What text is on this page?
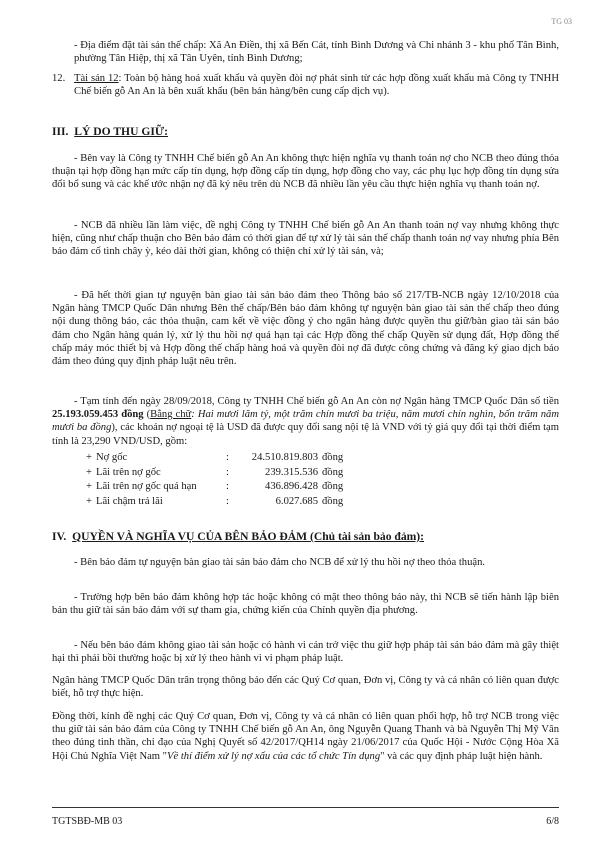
TG 03

- Địa điểm đặt tài sản thế chấp: Xã An Điền, thị xã Bến Cát, tỉnh Bình Dương và Chi nhánh 3 - khu phố Tân Bình, phường Tân Hiệp, thị xã Tân Uyên, tỉnh Bình Dương;

12. Tài sản 12: Toàn bộ hàng hoá xuất khẩu và quyền đòi nợ phát sinh từ các hợp đồng xuất khẩu mà Công ty TNHH Chế biến gỗ An An là bên xuất khẩu (bên bán hàng/bên cung cấp dịch vụ).
III. LÝ DO THU GIỮ:

- Bên vay là Công ty TNHH Chế biến gỗ An An không thực hiện nghĩa vụ thanh toán nợ cho NCB theo đúng thỏa thuận tại hợp đồng hạn mức cấp tín dụng, hợp đồng cấp tín dụng, hợp đồng cho vay, các phụ lục hợp đồng tín dụng sửa đổi bổ sung và các khế ước nhận nợ đã ký nêu trên dù NCB đã nhiều lần yêu cầu thực hiện nghĩa vụ thanh toán nợ.

- NCB đã nhiều lần làm việc, đề nghị Công ty TNHH Chế biến gỗ An An thanh toán nợ vay nhưng không thực hiện, cũng như chấp thuận cho Bên bảo đảm có thời gian để tự xử lý tài sản thế chấp thanh toán nợ vay nhưng phía Bên bảo đảm cố tình chây ỳ, kéo dài thời gian, không có thiện chí xử lý tài sản, và;

- Đã hết thời gian tự nguyện bàn giao tài sản bảo đảm theo Thông báo số 217/TB-NCB ngày 12/10/2018 của Ngân hàng TMCP Quốc Dân nhưng Bên thế chấp/Bên bảo đảm không tự nguyện bàn giao tài sản thế chấp theo đúng nội dung thông báo, các thỏa thuận, cam kết về việc đồng ý cho ngân hàng được quyền thu giữ/bàn giao tài sản bảo đảm cho Ngân hàng quản lý, xử lý thu hồi nợ quá hạn tại các Hợp đồng thế chấp Quyền sử dụng đất, Hợp đồng thế chấp máy móc thiết bị và Hợp đồng thế chấp hàng hoá và quyền đòi nợ đã được công chứng và đăng ký giao dịch bảo đảm theo đúng quy định pháp luật nêu trên.

- Tạm tính đến ngày 28/09/2018, Công ty TNHH Chế biến gỗ An An còn nợ Ngân hàng TMCP Quốc Dân số tiền 25.193.059.453 đồng (Bằng chữ: Hai mươi lăm tỷ, một trăm chín mươi ba triệu, năm mươi chín nghìn, bốn trăm năm mươi ba đồng), các khoản nợ ngoại tệ là USD đã được quy đổi sang nội tệ là VND với tỷ giá quy đổi tại thời điểm tạm tính là 23,290 VND/USD, gồm:

+	Nợ gốc	:	24.510.819.803	đồng
+	Lãi trên nợ gốc	:	239.315.536	đồng
+	Lãi trên nợ gốc quá hạn	:	436.896.428	đồng
+	Lãi chậm trả lãi	:	6.027.685	đồng
IV. QUYỀN VÀ NGHĨA VỤ CỦA BÊN BẢO ĐẢM (Chủ tài sản bảo đảm):

- Bên bảo đảm tự nguyện bàn giao tài sản bảo đảm cho NCB để xử lý thu hồi nợ theo thỏa thuận.

- Trường hợp bên bảo đảm không hợp tác hoặc không có mặt theo thông báo này, thì NCB sẽ tiến hành lập biên bản thu giữ tài sản bảo đảm với sự tham gia, chứng kiến của Chính quyền địa phương.

- Nếu bên bảo đảm không giao tài sản hoặc có hành vi cản trở việc thu giữ hợp pháp tài sản bảo đảm mà gây thiệt hại thì phải bồi thường hoặc bị xử lý theo hành vi vi phạm pháp luật.

Ngân hàng TMCP Quốc Dân trân trọng thông báo đến các Quý Cơ quan, Đơn vị, Công ty và cá nhân có liên quan được biết, hỗ trợ thực hiện.

Đồng thời, kính đề nghị các Quý Cơ quan, Đơn vị, Công ty và cá nhân có liên quan phối hợp, hỗ trợ NCB trong việc thu giữ tài sản bảo đảm của Công ty TNHH Chế biến gỗ An An, ông Nguyễn Quang Thanh và bà Nguyễn Thị Mỹ Vân theo đúng tinh thần, chỉ đạo của Nghị Quyết số 42/2017/QH14 ngày 21/06/2017 của Quốc Hội - Nước Cộng Hòa Xã Hội Chủ Nghĩa Việt Nam "Về thí điểm xử lý nợ xấu của các tổ chức Tín dụng" và các quy định pháp luật hiện hành.

TGTSBĐ-MB 03	6/8
